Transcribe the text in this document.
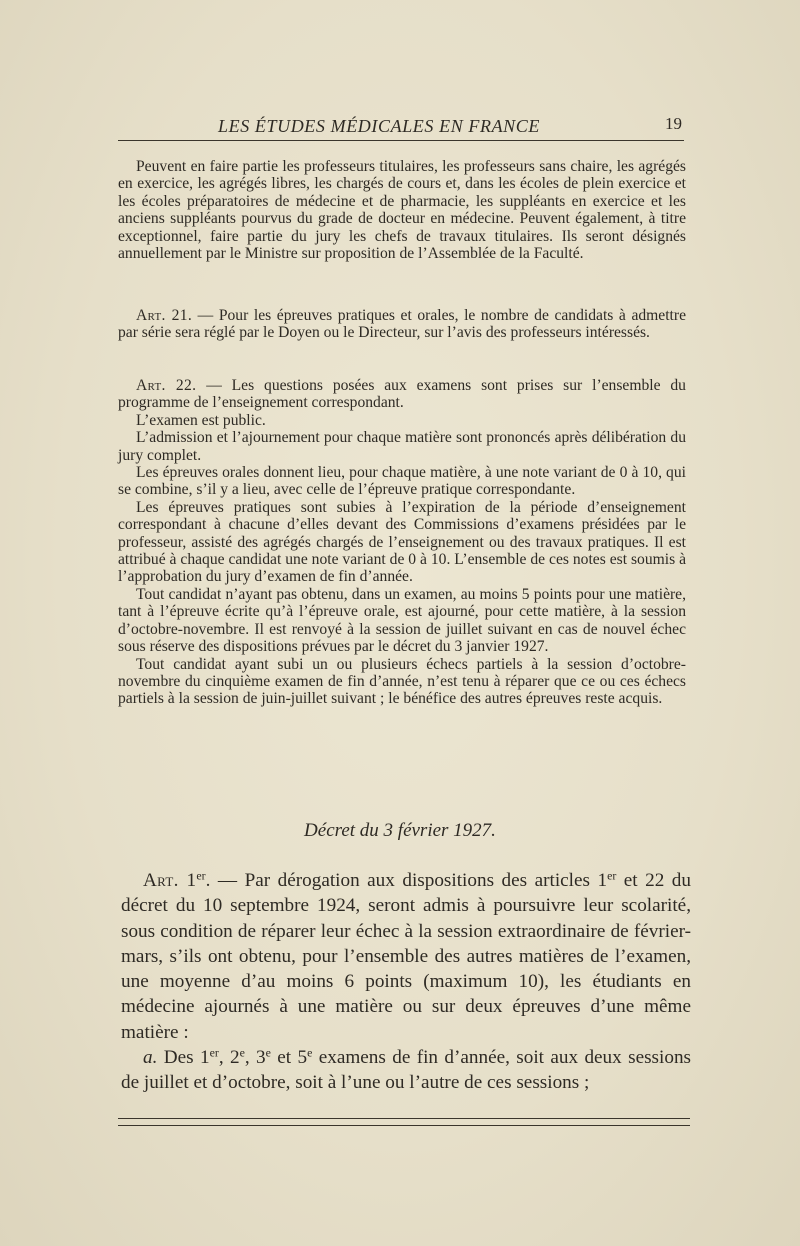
LES ÉTUDES MÉDICALES EN FRANCE	19

Peuvent en faire partie les professeurs titulaires, les professeurs sans chaire, les agrégés en exercice, les agrégés libres, les chargés de cours et, dans les écoles de plein exercice et les écoles préparatoires de médecine et de pharmacie, les suppléants en exercice et les anciens suppléants pourvus du grade de docteur en médecine. Peuvent également, à titre exceptionnel, faire partie du jury les chefs de travaux titulaires. Ils seront désignés annuellement par le Ministre sur proposition de l’Assemblée de la Faculté.

Art. 21. — Pour les épreuves pratiques et orales, le nombre de candidats à admettre par série sera réglé par le Doyen ou le Directeur, sur l’avis des professeurs intéressés.

Art. 22. — Les questions posées aux examens sont prises sur l’ensemble du programme de l’enseignement correspondant.

L’examen est public.

L’admission et l’ajournement pour chaque matière sont prononcés après délibération du jury complet.

Les épreuves orales donnent lieu, pour chaque matière, à une note variant de 0 à 10, qui se combine, s’il y a lieu, avec celle de l’épreuve pratique correspondante.

Les épreuves pratiques sont subies à l’expiration de la période d’enseignement correspondant à chacune d’elles devant des Commissions d’examens présidées par le professeur, assisté des agrégés chargés de l’enseignement ou des travaux pratiques. Il est attribué à chaque candidat une note variant de 0 à 10. L’ensemble de ces notes est soumis à l’approbation du jury d’examen de fin d’année.

Tout candidat n’ayant pas obtenu, dans un examen, au moins 5 points pour une matière, tant à l’épreuve écrite qu’à l’épreuve orale, est ajourné, pour cette matière, à la session d’octobre-novembre. Il est renvoyé à la session de juillet suivant en cas de nouvel échec sous réserve des dispositions prévues par le décret du 3 janvier 1927.

Tout candidat ayant subi un ou plusieurs échecs partiels à la session d’octobre-novembre du cinquième examen de fin d’année, n’est tenu à réparer que ce ou ces échecs partiels à la session de juin-juillet suivant ; le bénéfice des autres épreuves reste acquis.

Décret du 3 février 1927.

Art. 1er. — Par dérogation aux dispositions des articles 1er et 22 du décret du 10 septembre 1924, seront admis à poursuivre leur scolarité, sous condition de réparer leur échec à la session extraordinaire de février-mars, s’ils ont obtenu, pour l’ensemble des autres matières de l’examen, une moyenne d’au moins 6 points (maximum 10), les étudiants en médecine ajournés à une matière ou sur deux épreuves d’une même matière :

a. Des 1er, 2e, 3e et 5e examens de fin d’année, soit aux deux sessions de juillet et d’octobre, soit à l’une ou l’autre de ces sessions ;
